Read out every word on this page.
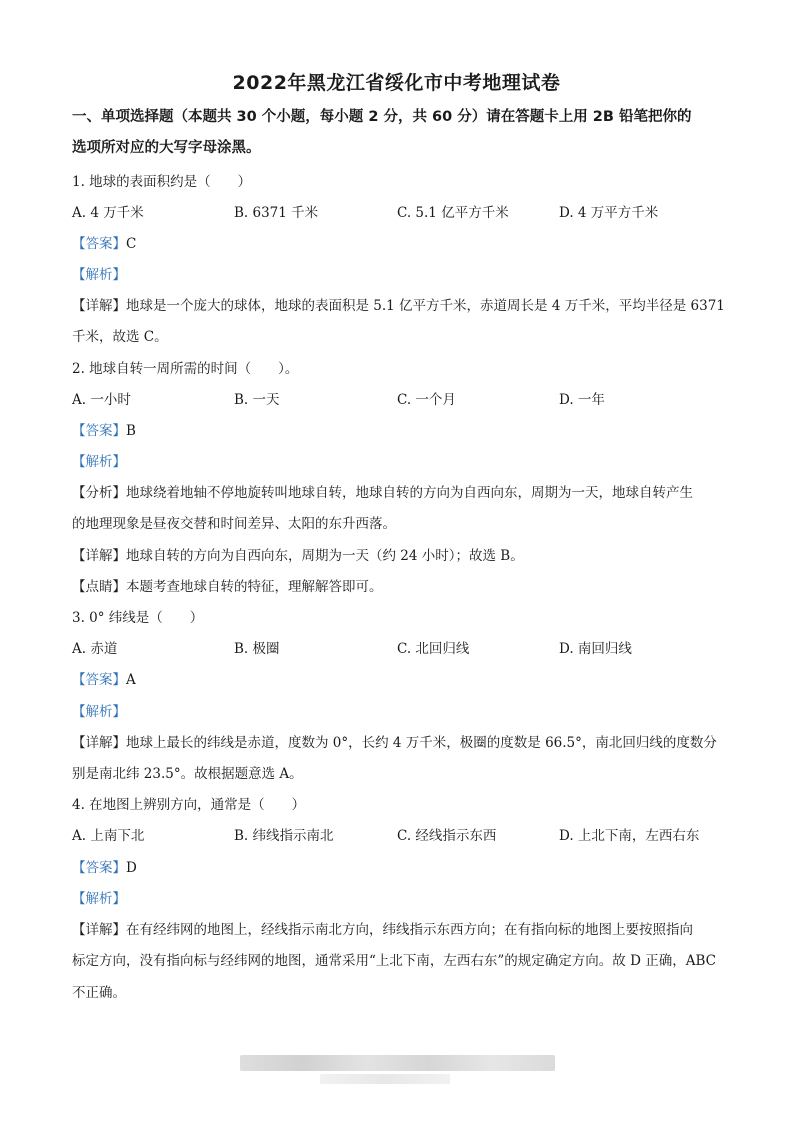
2022年黑龙江省绥化市中考地理试卷
一、单项选择题（本题共 30 个小题，每小题 2 分，共 60 分）请在答题卡上用 2B 铅笔把你的
选项所对应的大写字母涂黑。
1. 地球的表面积约是（　　）
A. 4 万千米	B. 6371 千米	C. 5.1 亿平方千米	D. 4 万平方千米
【答案】C
【解析】
【详解】地球是一个庞大的球体，地球的表面积是 5.1 亿平方千米，赤道周长是 4 万千米，平均半径是 6371
千米，故选 C。
2. 地球自转一周所需的时间（　　）。
A. 一小时	B. 一天	C. 一个月	D. 一年
【答案】B
【解析】
【分析】地球绕着地轴不停地旋转叫地球自转，地球自转的方向为自西向东，周期为一天，地球自转产生
的地理现象是昼夜交替和时间差异、太阳的东升西落。
【详解】地球自转的方向为自西向东，周期为一天（约 24 小时）；故选 B。
【点睛】本题考查地球自转的特征，理解解答即可。
3. 0° 纬线是（　　）
A. 赤道	B. 极圈	C. 北回归线	D. 南回归线
【答案】A
【解析】
【详解】地球上最长的纬线是赤道，度数为 0°，长约 4 万千米，极圈的度数是 66.5°，南北回归线的度数分
别是南北纬 23.5°。故根据题意选 A。
4. 在地图上辨别方向，通常是（　　）
A. 上南下北	B. 纬线指示南北	C. 经线指示东西	D. 上北下南，左西右东
【答案】D
【解析】
【详解】在有经纬网的地图上，经线指示南北方向，纬线指示东西方向；在有指向标的地图上要按照指向
标定方向，没有指向标与经纬网的地图，通常采用“上北下南，左西右东”的规定确定方向。故 D 正确，ABC
不正确。
